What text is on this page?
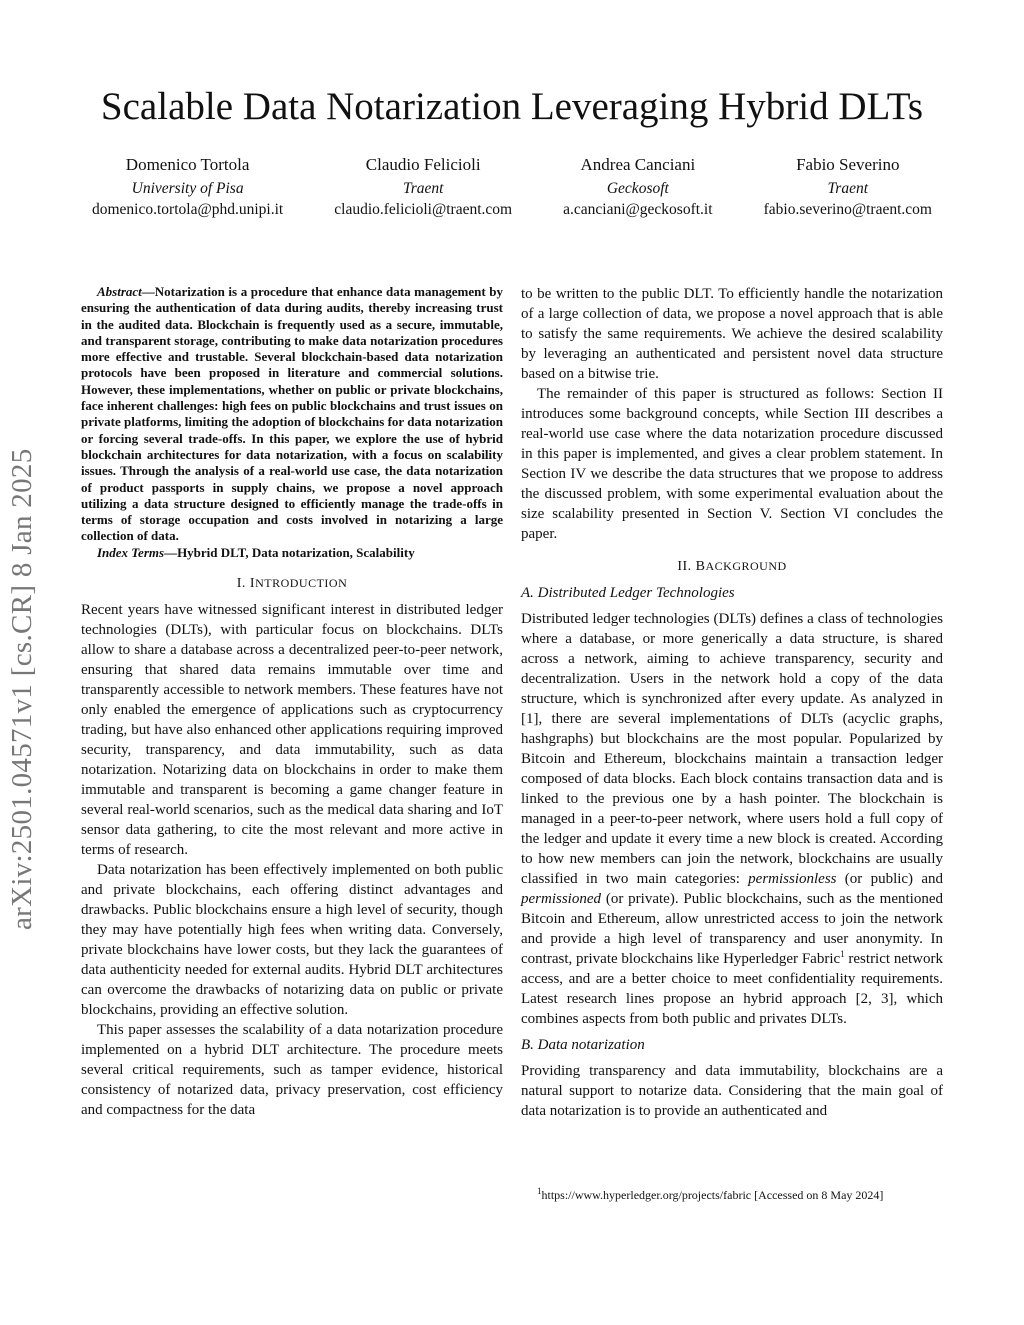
arXiv:2501.04571v1 [cs.CR] 8 Jan 2025
Scalable Data Notarization Leveraging Hybrid DLTs
Domenico Tortola
University of Pisa
domenico.tortola@phd.unipi.it
Claudio Felicioli
Traent
claudio.felicioli@traent.com
Andrea Canciani
Geckosoft
a.canciani@geckosoft.it
Fabio Severino
Traent
fabio.severino@traent.com

Abstract—Notarization is a procedure that enhance data management by ensuring the authentication of data during audits, thereby increasing trust in the audited data. Blockchain is frequently used as a secure, immutable, and transparent storage, contributing to make data notarization procedures more effective and trustable. Several blockchain-based data notarization protocols have been proposed in literature and commercial solutions. However, these implementations, whether on public or private blockchains, face inherent challenges: high fees on public blockchains and trust issues on private platforms, limiting the adoption of blockchains for data notarization or forcing several trade-offs. In this paper, we explore the use of hybrid blockchain architectures for data notarization, with a focus on scalability issues. Through the analysis of a real-world use case, the data notarization of product passports in supply chains, we propose a novel approach utilizing a data structure designed to efficiently manage the trade-offs in terms of storage occupation and costs involved in notarizing a large collection of data.

Index Terms—Hybrid DLT, Data notarization, Scalability

I. INTRODUCTION

Recent years have witnessed significant interest in distributed ledger technologies (DLTs), with particular focus on blockchains. DLTs allow to share a database across a decentralized peer-to-peer network, ensuring that shared data remains immutable over time and transparently accessible to network members. These features have not only enabled the emergence of applications such as cryptocurrency trading, but have also enhanced other applications requiring improved security, transparency, and data immutability, such as data notarization. Notarizing data on blockchains in order to make them immutable and transparent is becoming a game changer feature in several real-world scenarios, such as the medical data sharing and IoT sensor data gathering, to cite the most relevant and more active in terms of research.

Data notarization has been effectively implemented on both public and private blockchains, each offering distinct advantages and drawbacks. Public blockchains ensure a high level of security, though they may have potentially high fees when writing data. Conversely, private blockchains have lower costs, but they lack the guarantees of data authenticity needed for external audits. Hybrid DLT architectures can overcome the drawbacks of notarizing data on public or private blockchains, providing an effective solution.

This paper assesses the scalability of a data notarization procedure implemented on a hybrid DLT architecture. The procedure meets several critical requirements, such as tamper evidence, historical consistency of notarized data, privacy preservation, cost efficiency and compactness for the data

to be written to the public DLT. To efficiently handle the notarization of a large collection of data, we propose a novel approach that is able to satisfy the same requirements. We achieve the desired scalability by leveraging an authenticated and persistent novel data structure based on a bitwise trie.

The remainder of this paper is structured as follows: Section II introduces some background concepts, while Section III describes a real-world use case where the data notarization procedure discussed in this paper is implemented, and gives a clear problem statement. In Section IV we describe the data structures that we propose to address the discussed problem, with some experimental evaluation about the size scalability presented in Section V. Section VI concludes the paper.

II. BACKGROUND
A. Distributed Ledger Technologies

Distributed ledger technologies (DLTs) defines a class of technologies where a database, or more generically a data structure, is shared across a network, aiming to achieve transparency, security and decentralization. Users in the network hold a copy of the data structure, which is synchronized after every update. As analyzed in [1], there are several implementations of DLTs (acyclic graphs, hashgraphs) but blockchains are the most popular. Popularized by Bitcoin and Ethereum, blockchains maintain a transaction ledger composed of data blocks. Each block contains transaction data and is linked to the previous one by a hash pointer. The blockchain is managed in a peer-to-peer network, where users hold a full copy of the ledger and update it every time a new block is created. According to how new members can join the network, blockchains are usually classified in two main categories: permissionless (or public) and permissioned (or private). Public blockchains, such as the mentioned Bitcoin and Ethereum, allow unrestricted access to join the network and provide a high level of transparency and user anonymity. In contrast, private blockchains like Hyperledger Fabric$^1$ restrict network access, and are a better choice to meet confidentiality requirements. Latest research lines propose an hybrid approach [2, 3], which combines aspects from both public and privates DLTs.

B. Data notarization

Providing transparency and data immutability, blockchains are a natural support to notarize data. Considering that the main goal of data notarization is to provide an authenticated and

$^1$https://www.hyperledger.org/projects/fabric [Accessed on 8 May 2024]
